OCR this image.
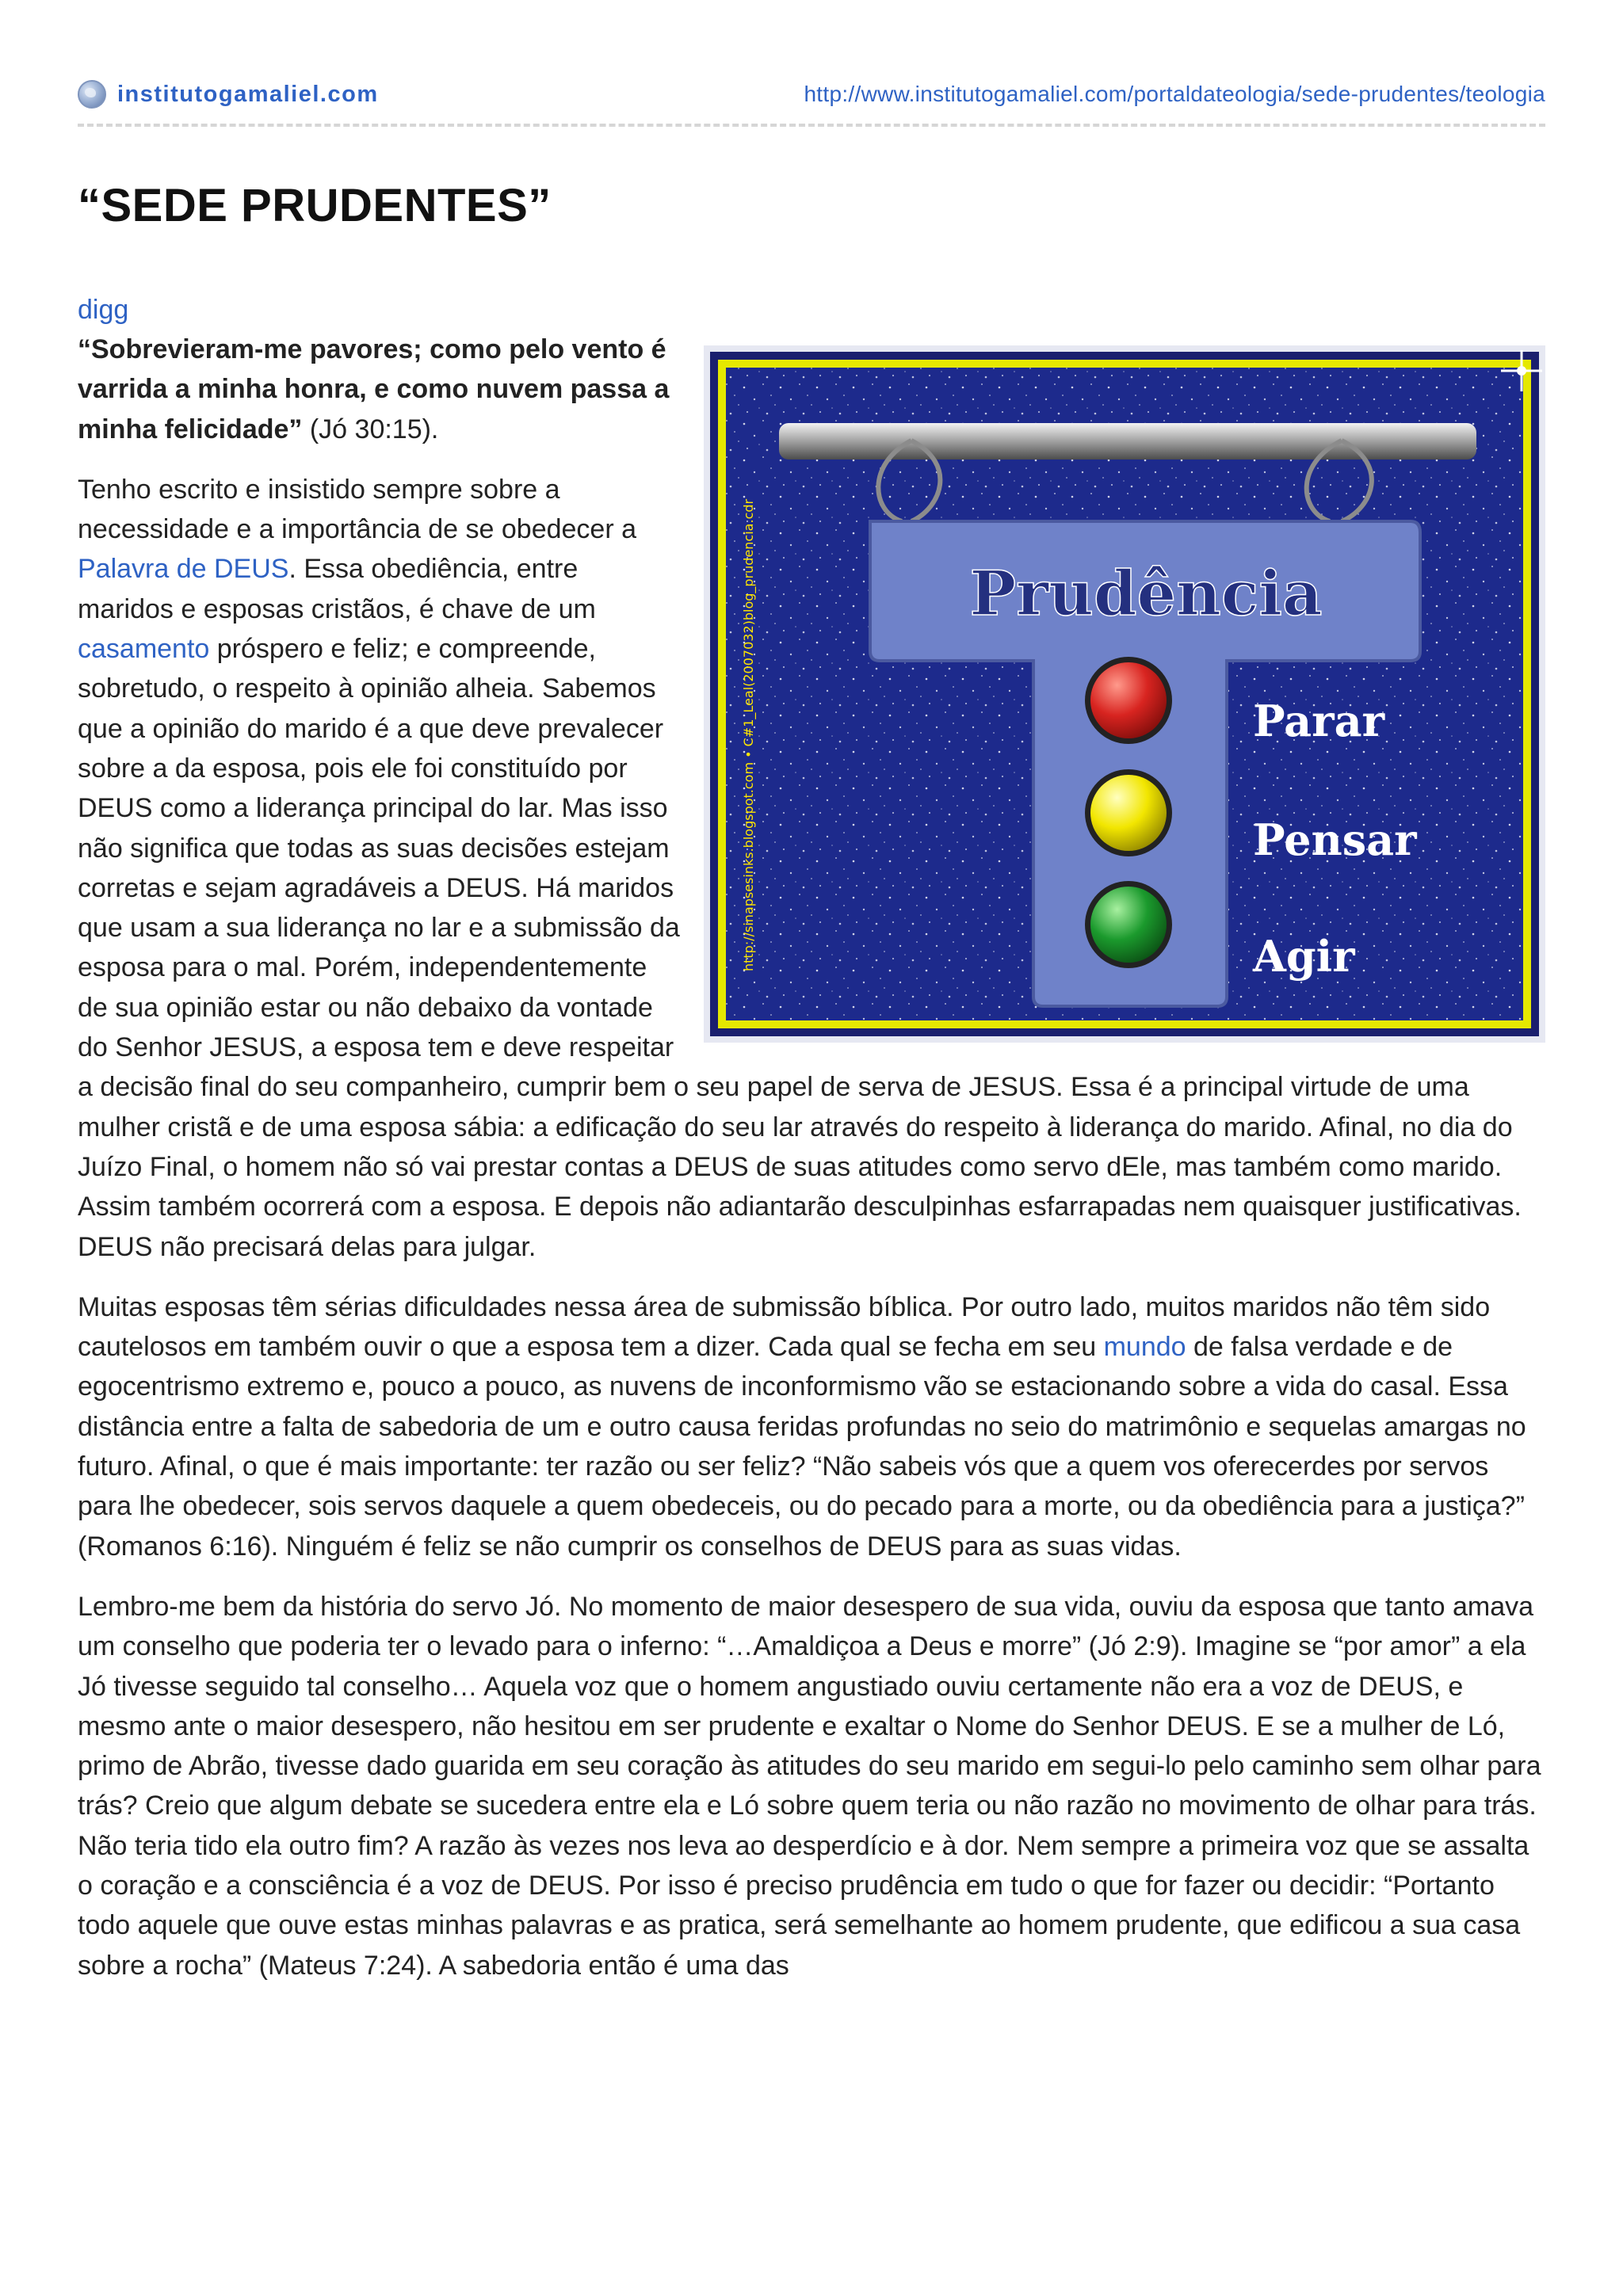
institutogamaliel.com	http://www.institutogamaliel.com/portaldateologia/sede-prudentes/teologia
“SEDE PRUDENTES”
digg
http://sinapsesinks.blogspot.com • C#1_Leal(2007032)blog_prudencia.cdr	Prudência
Parar
Pensar
Agir

“Sobrevieram-me pavores; como pelo vento é varrida a minha honra, e como nuvem passa a minha felicidade” (Jó 30:15).

Tenho escrito e insistido sempre sobre a necessidade e a importância de se obedecer a Palavra de DEUS. Essa obediência, entre maridos e esposas cristãos, é chave de um casamento próspero e feliz; e compreende, sobretudo, o respeito à opinião alheia. Sabemos que a opinião do marido é a que deve prevalecer sobre a da esposa, pois ele foi constituído por DEUS como a liderança principal do lar. Mas isso não significa que todas as suas decisões estejam corretas e sejam agradáveis a DEUS. Há maridos que usam a sua liderança no lar e a submissão da esposa para o mal. Porém, independentemente de sua opinião estar ou não debaixo da vontade do Senhor JESUS, a esposa tem e deve respeitar a decisão final do seu companheiro, cumprir bem o seu papel de serva de JESUS. Essa é a principal virtude de uma mulher cristã e de uma esposa sábia: a edificação do seu lar através do respeito à liderança do marido. Afinal, no dia do Juízo Final, o homem não só vai prestar contas a DEUS de suas atitudes como servo dEle, mas também como marido. Assim também ocorrerá com a esposa. E depois não adiantarão desculpinhas esfarrapadas nem quaisquer justificativas. DEUS não precisará delas para julgar.

Muitas esposas têm sérias dificuldades nessa área de submissão bíblica. Por outro lado, muitos maridos não têm sido cautelosos em também ouvir o que a esposa tem a dizer. Cada qual se fecha em seu mundo de falsa verdade e de egocentrismo extremo e, pouco a pouco, as nuvens de inconformismo vão se estacionando sobre a vida do casal. Essa distância entre a falta de sabedoria de um e outro causa feridas profundas no seio do matrimônio e sequelas amargas no futuro. Afinal, o que é mais importante: ter razão ou ser feliz? “Não sabeis vós que a quem vos oferecerdes por servos para lhe obedecer, sois servos daquele a quem obedeceis, ou do pecado para a morte, ou da obediência para a justiça?” (Romanos 6:16). Ninguém é feliz se não cumprir os conselhos de DEUS para as suas vidas.

Lembro-me bem da história do servo Jó. No momento de maior desespero de sua vida, ouviu da esposa que tanto amava um conselho que poderia ter o levado para o inferno: “…Amaldiçoa a Deus e morre” (Jó 2:9). Imagine se “por amor” a ela Jó tivesse seguido tal conselho… Aquela voz que o homem angustiado ouviu certamente não era a voz de DEUS, e mesmo ante o maior desespero, não hesitou em ser prudente e exaltar o Nome do Senhor DEUS. E se a mulher de Ló, primo de Abrão, tivesse dado guarida em seu coração às atitudes do seu marido em segui-lo pelo caminho sem olhar para trás? Creio que algum debate se sucedera entre ela e Ló sobre quem teria ou não razão no movimento de olhar para trás. Não teria tido ela outro fim? A razão às vezes nos leva ao desperdício e à dor. Nem sempre a primeira voz que se assalta o coração e a consciência é a voz de DEUS. Por isso é preciso prudência em tudo o que for fazer ou decidir: “Portanto todo aquele que ouve estas minhas palavras e as pratica, será semelhante ao homem prudente, que edificou a sua casa sobre a rocha” (Mateus 7:24). A sabedoria então é uma das
